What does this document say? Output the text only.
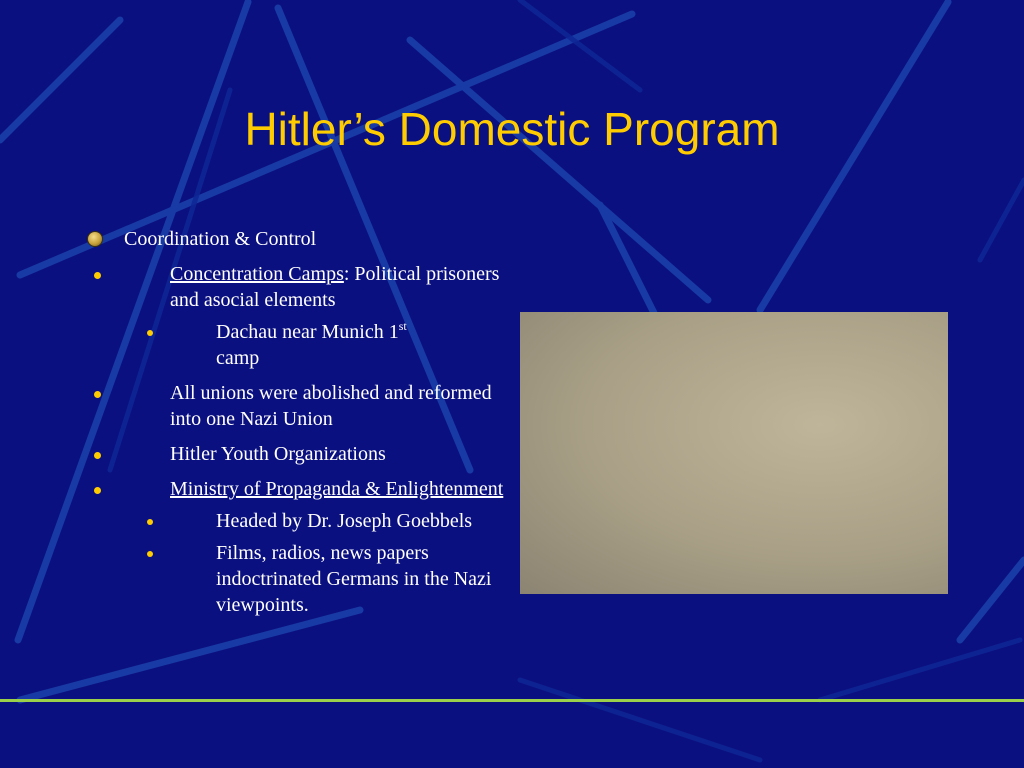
Hitler’s Domestic Program
Coordination & Control
Concentration Camps: Political prisoners and asocial elements
Dachau near Munich 1st
camp
All unions were abolished and reformed into one Nazi Union
Hitler Youth Organizations
Ministry of Propaganda & Enlightenment
Headed by Dr. Joseph Goebbels
Films, radios, news papers indoctrinated Germans in the Nazi viewpoints.
